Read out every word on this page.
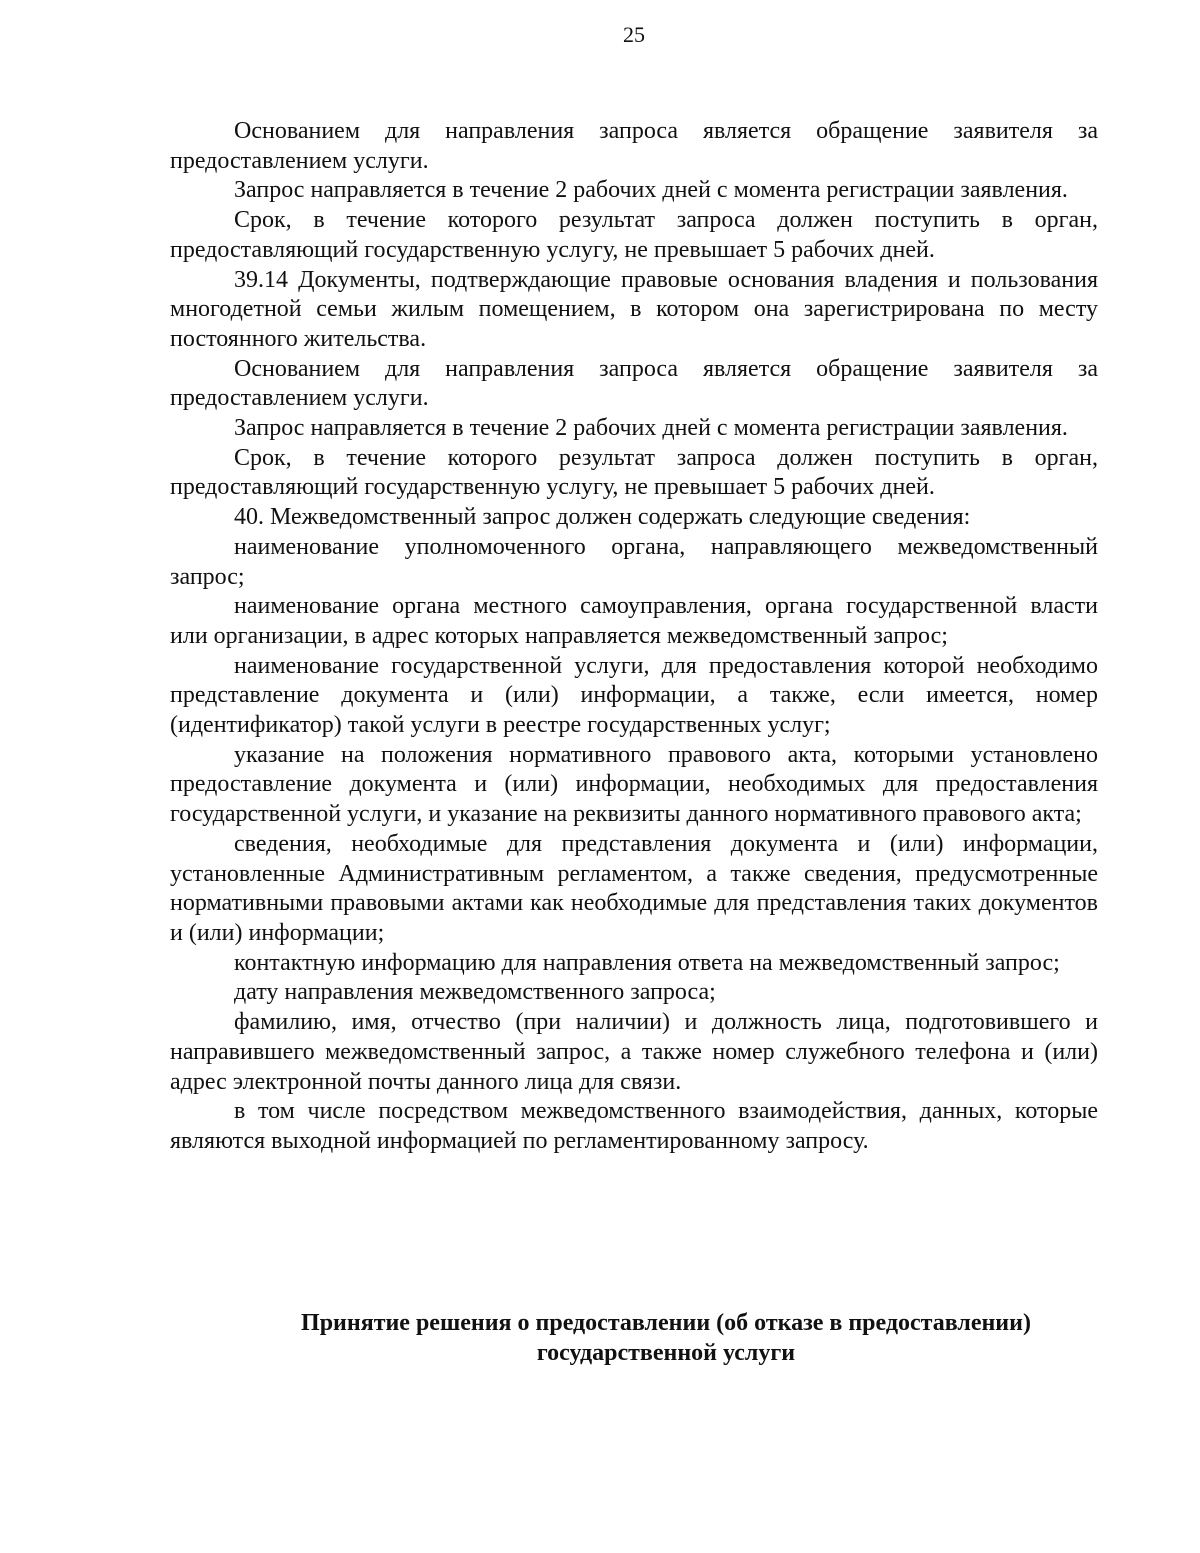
25

Основанием для направления запроса является обращение заявителя за предоставлением услуги.

Запрос направляется в течение 2 рабочих дней с момента регистрации заявления.

Срок, в течение которого результат запроса должен поступить в орган, предоставляющий государственную услугу, не превышает 5 рабочих дней.

39.14 Документы, подтверждающие правовые основания владения и пользования многодетной семьи жилым помещением, в котором она зарегистрирована по месту постоянного жительства.

Основанием для направления запроса является обращение заявителя за предоставлением услуги.

Запрос направляется в течение 2 рабочих дней с момента регистрации заявления.

Срок, в течение которого результат запроса должен поступить в орган, предоставляющий государственную услугу, не превышает 5 рабочих дней.

40. Межведомственный запрос должен содержать следующие сведения:

наименование уполномоченного органа, направляющего межведомственный запрос;

наименование органа местного самоуправления, органа государственной власти или организации, в адрес которых направляется межведомственный запрос;

наименование государственной услуги, для предоставления которой необходимо представление документа и (или) информации, а также, если имеется, номер (идентификатор) такой услуги в реестре государственных услуг;

указание на положения нормативного правового акта, которыми установлено предоставление документа и (или) информации, необходимых для предоставления государственной услуги, и указание на реквизиты данного нормативного правового акта;

сведения, необходимые для представления документа и (или) информации, установленные Административным регламентом, а также сведения, предусмотренные нормативными правовыми актами как необходимые для представления таких документов и (или) информации;

контактную информацию для направления ответа на межведомственный запрос;

дату направления межведомственного запроса;

фамилию, имя, отчество (при наличии) и должность лица, подготовившего и направившего межведомственный запрос, а также номер служебного телефона и (или) адрес электронной почты данного лица для связи.

в том числе посредством межведомственного взаимодействия, данных, которые являются выходной информацией по регламентированному запросу.

Принятие решения о предоставлении (об отказе в предоставлении)
государственной услуги
